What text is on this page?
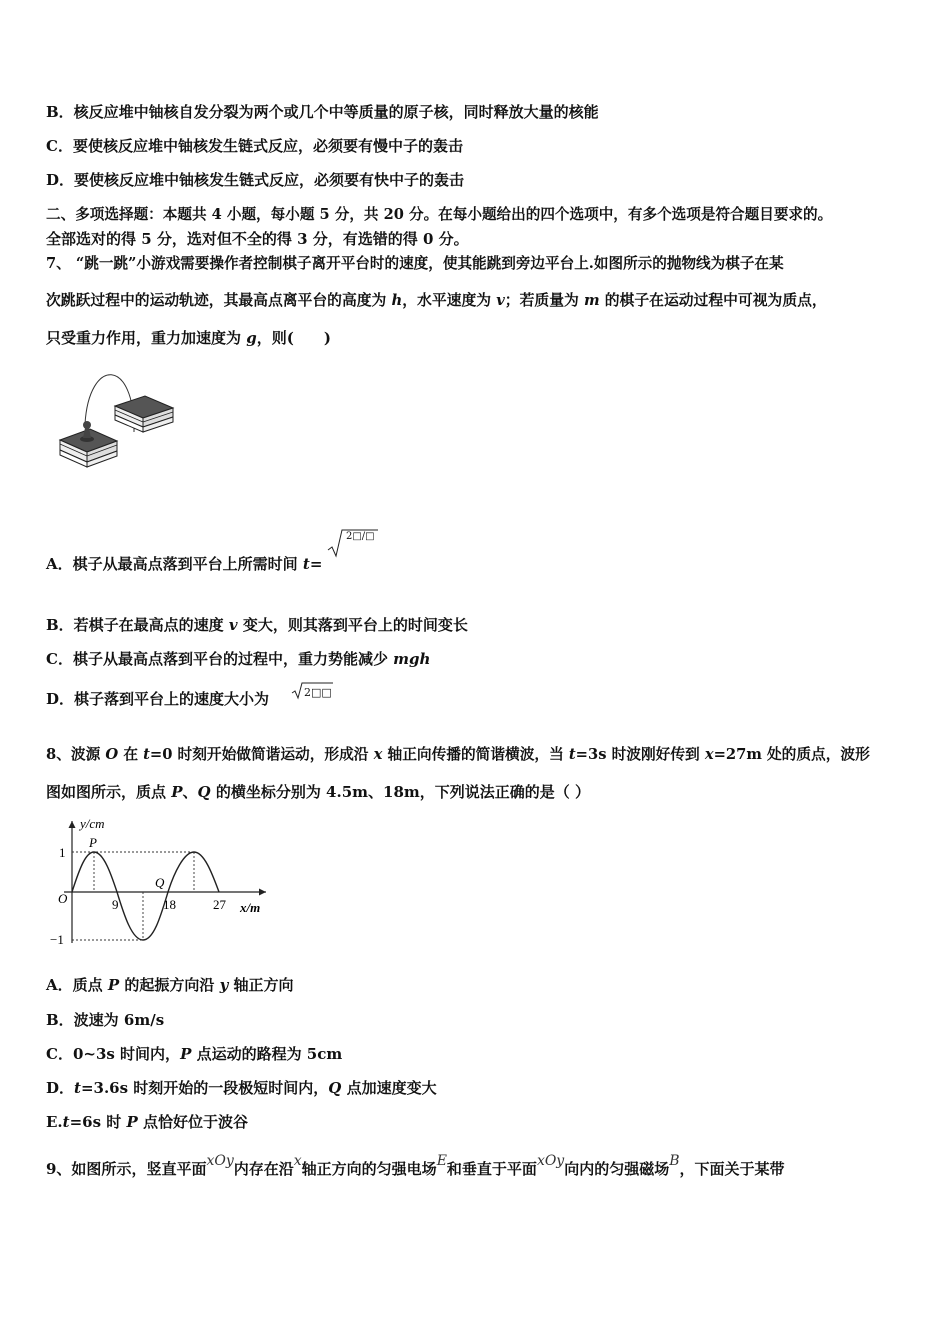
B．核反应堆中铀核自发分裂为两个或几个中等质量的原子核，同时释放大量的核能
C．要使核反应堆中铀核发生链式反应，必须要有慢中子的轰击
D．要使核反应堆中铀核发生链式反应，必须要有快中子的轰击
二、多项选择题：本题共 4 小题，每小题 5 分，共 20 分。在每小题给出的四个选项中，有多个选项是符合题目要求的。
全部选对的得 5 分，选对但不全的得 3 分，有选错的得 0 分。
7、 “跳一跳”小游戏需要操作者控制棋子离开平台时的速度，使其能跳到旁边平台上.如图所示的抛物线为棋子在某
次跳跃过程中的运动轨迹，其最高点离平台的高度为 h，水平速度为 v；若质量为 m 的棋子在运动过程中可视为质点，
只受重力作用，重力加速度为 g，则(　　)
A．棋子从最高点落到平台上所需时间 t=
2□/□
B．若棋子在最高点的速度 v 变大，则其落到平台上的时间变长
C．棋子从最高点落到平台的过程中，重力势能减少 mgh
D．棋子落到平台上的速度大小为	2□□
8、波源 O 在 t=0 时刻开始做简谐运动，形成沿 x 轴正向传播的简谐横波，当 t=3s 时波刚好传到 x=27m 处的质点，波形
图如图所示，质点 P、Q 的横坐标分别为 4.5m、18m，下列说法正确的是（ ）
y/cm
x/m
1
−1
O	9	18	27
P
Q
A．质点 P 的起振方向沿 y 轴正方向
B．波速为 6m/s
C．0~3s 时间内，P 点运动的路程为 5cm
D．t=3.6s 时刻开始的一段极短时间内，Q 点加速度变大
E.t=6s 时 P 点恰好位于波谷
9、如图所示，竖直平面xOy内存在沿x轴正方向的匀强电场E和垂直于平面xOy向内的匀强磁场B，下面关于某带
